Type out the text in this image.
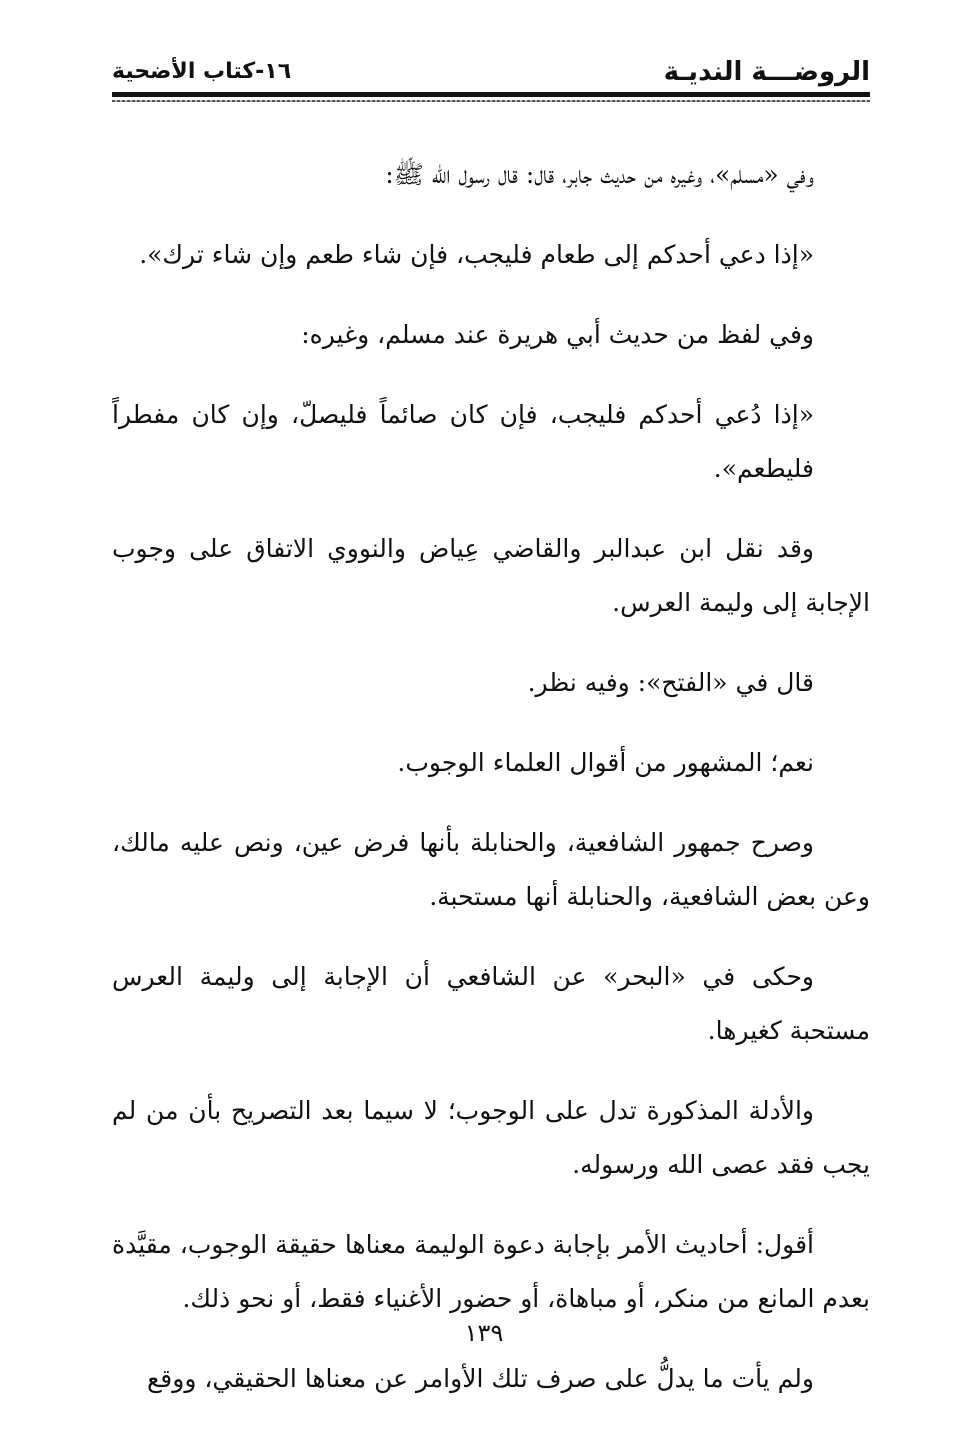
الروضـــة النديـة
١٦-كتاب الأضحية

وفي «مسلم»، وغيره من حديث جابر، قال: قال رسول الله ﷺ:

«إذا دعي أحدكم إلى طعام فليجب، فإن شاء طعم وإن شاء ترك».

وفي لفظ من حديث أبي هريرة عند مسلم، وغيره:

«إذا دُعي أحدكم فليجب، فإن كان صائماً فليصلّ، وإن كان مفطراً فليطعم».

وقد نقل ابن عبدالبر والقاضي عِياض والنووي الاتفاق على وجوب الإجابة إلى وليمة العرس.

قال في «الفتح»: وفيه نظر.

نعم؛ المشهور من أقوال العلماء الوجوب.

وصرح جمهور الشافعية، والحنابلة بأنها فرض عين، ونص عليه مالك، وعن بعض الشافعية، والحنابلة أنها مستحبة.

وحكى في «البحر» عن الشافعي أن الإجابة إلى وليمة العرس مستحبة كغيرها.

والأدلة المذكورة تدل على الوجوب؛ لا سيما بعد التصريح بأن من لم يجب فقد عصى الله ورسوله.

أقول: أحاديث الأمر بإجابة دعوة الوليمة معناها حقيقة الوجوب، مقيَّدة بعدم المانع من منكر، أو مباهاة، أو حضور الأغنياء فقط، أو نحو ذلك.

ولم يأت ما يدلُّ على صرف تلك الأوامر عن معناها الحقيقي، ووقع

١٣٩
